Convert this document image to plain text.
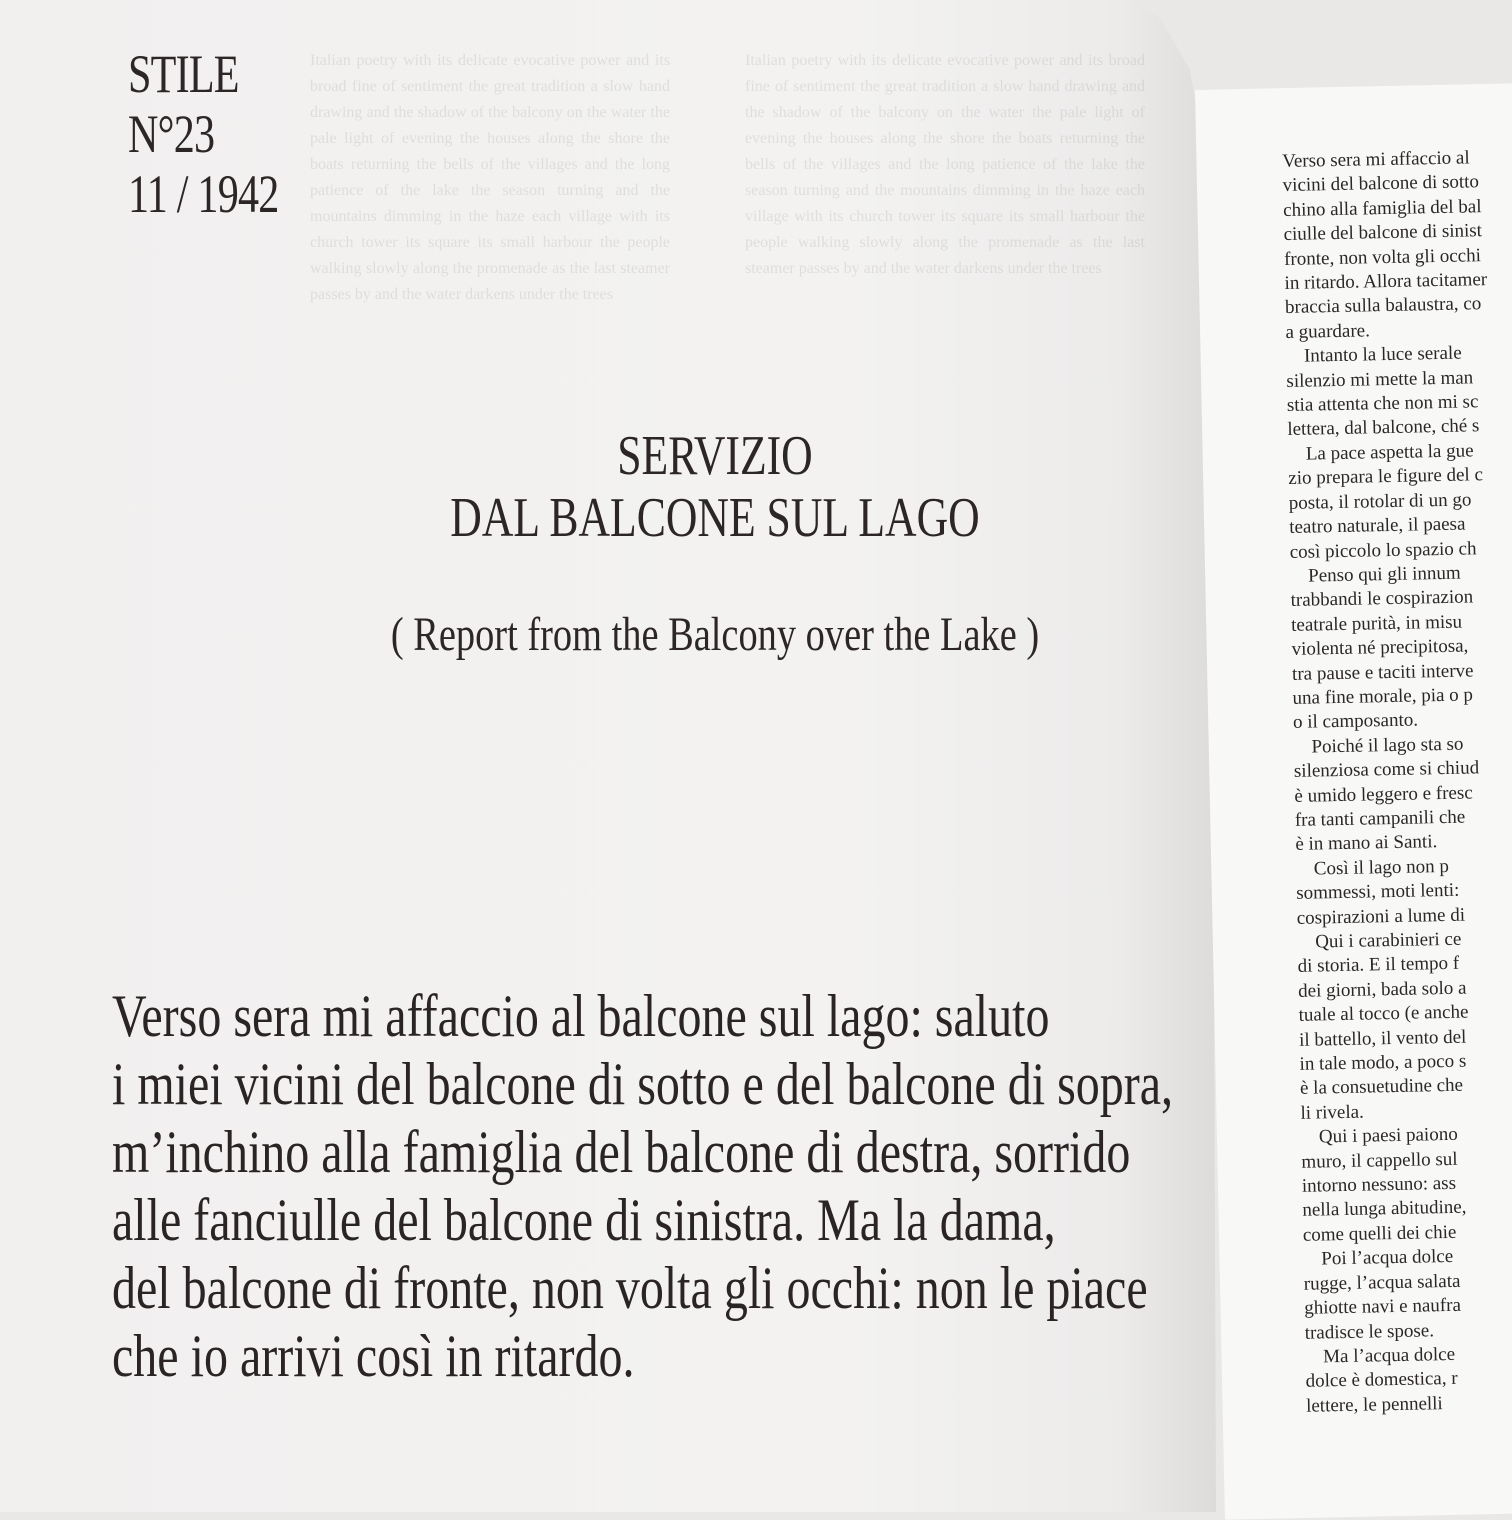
Italian poetry with its delicate evocative power and its broad fine of sentiment the great tradition a slow hand drawing and the shadow of the balcony on the water the pale light of evening the houses along the shore the boats returning the bells of the villages and the long patience of the lake the season turning and the mountains dimming in the haze each village with its church tower its square its small harbour the people walking slowly along the promenade as the last steamer passes by and the water darkens under the trees

Italian poetry with its delicate evocative power and its broad fine of sentiment the great tradition a slow hand drawing and the shadow of the balcony on the water the pale light of evening the houses along the shore the boats returning the bells of the villages and the long patience of the lake the season turning and the mountains dimming in the haze each village with its church tower its square its small harbour the people walking slowly along the promenade as the last steamer passes by and the water darkens under the trees

STILE
N°23
11 / 1942
SERVIZIO
DAL BALCONE SUL LAGO
( Report from the Balcony over the Lake )
Verso sera mi affaccio al balcone sul lago: saluto
i miei vicini del balcone di sotto e del balcone di sopra,
m’inchino alla famiglia del balcone di destra, sorrido
alle fanciulle del balcone di sinistra. Ma la dama,
del balcone di fronte, non volta gli occhi: non le piace
che io arrivi così in ritardo.
Verso sera mi affaccio al
vicini del balcone di sotto
chino alla famiglia del bal
ciulle del balcone di sinist
fronte, non volta gli occhi
in ritardo. Allora tacitamer
braccia sulla balaustra, co
a guardare.
Intanto la luce serale
silenzio mi mette la man
stia attenta che non mi sc
lettera, dal balcone, ché s
La pace aspetta la gue
zio prepara le figure del c
posta, il rotolar di un go
teatro naturale, il paesa
così piccolo lo spazio ch
Penso qui gli innum
trabbandi le cospirazion
teatrale purità, in misu
violenta né precipitosa,
tra pause e taciti interve
una fine morale, pia o p
o il camposanto.
Poiché il lago sta so
silenziosa come si chiud
è umido leggero e fresc
fra tanti campanili che
è in mano ai Santi.
Così il lago non p
sommessi, moti lenti:
cospirazioni a lume di
Qui i carabinieri ce
di storia. E il tempo f
dei giorni, bada solo a
tuale al tocco (e anche
il battello, il vento del
in tale modo, a poco s
è la consuetudine che
li rivela.
Qui i paesi paiono
muro, il cappello sul
intorno nessuno: ass
nella lunga abitudine,
come quelli dei chie
Poi l’acqua dolce
rugge, l’acqua salata
ghiotte navi e naufra
tradisce le spose.
Ma l’acqua dolce
dolce è domestica, r
lettere, le pennelli
